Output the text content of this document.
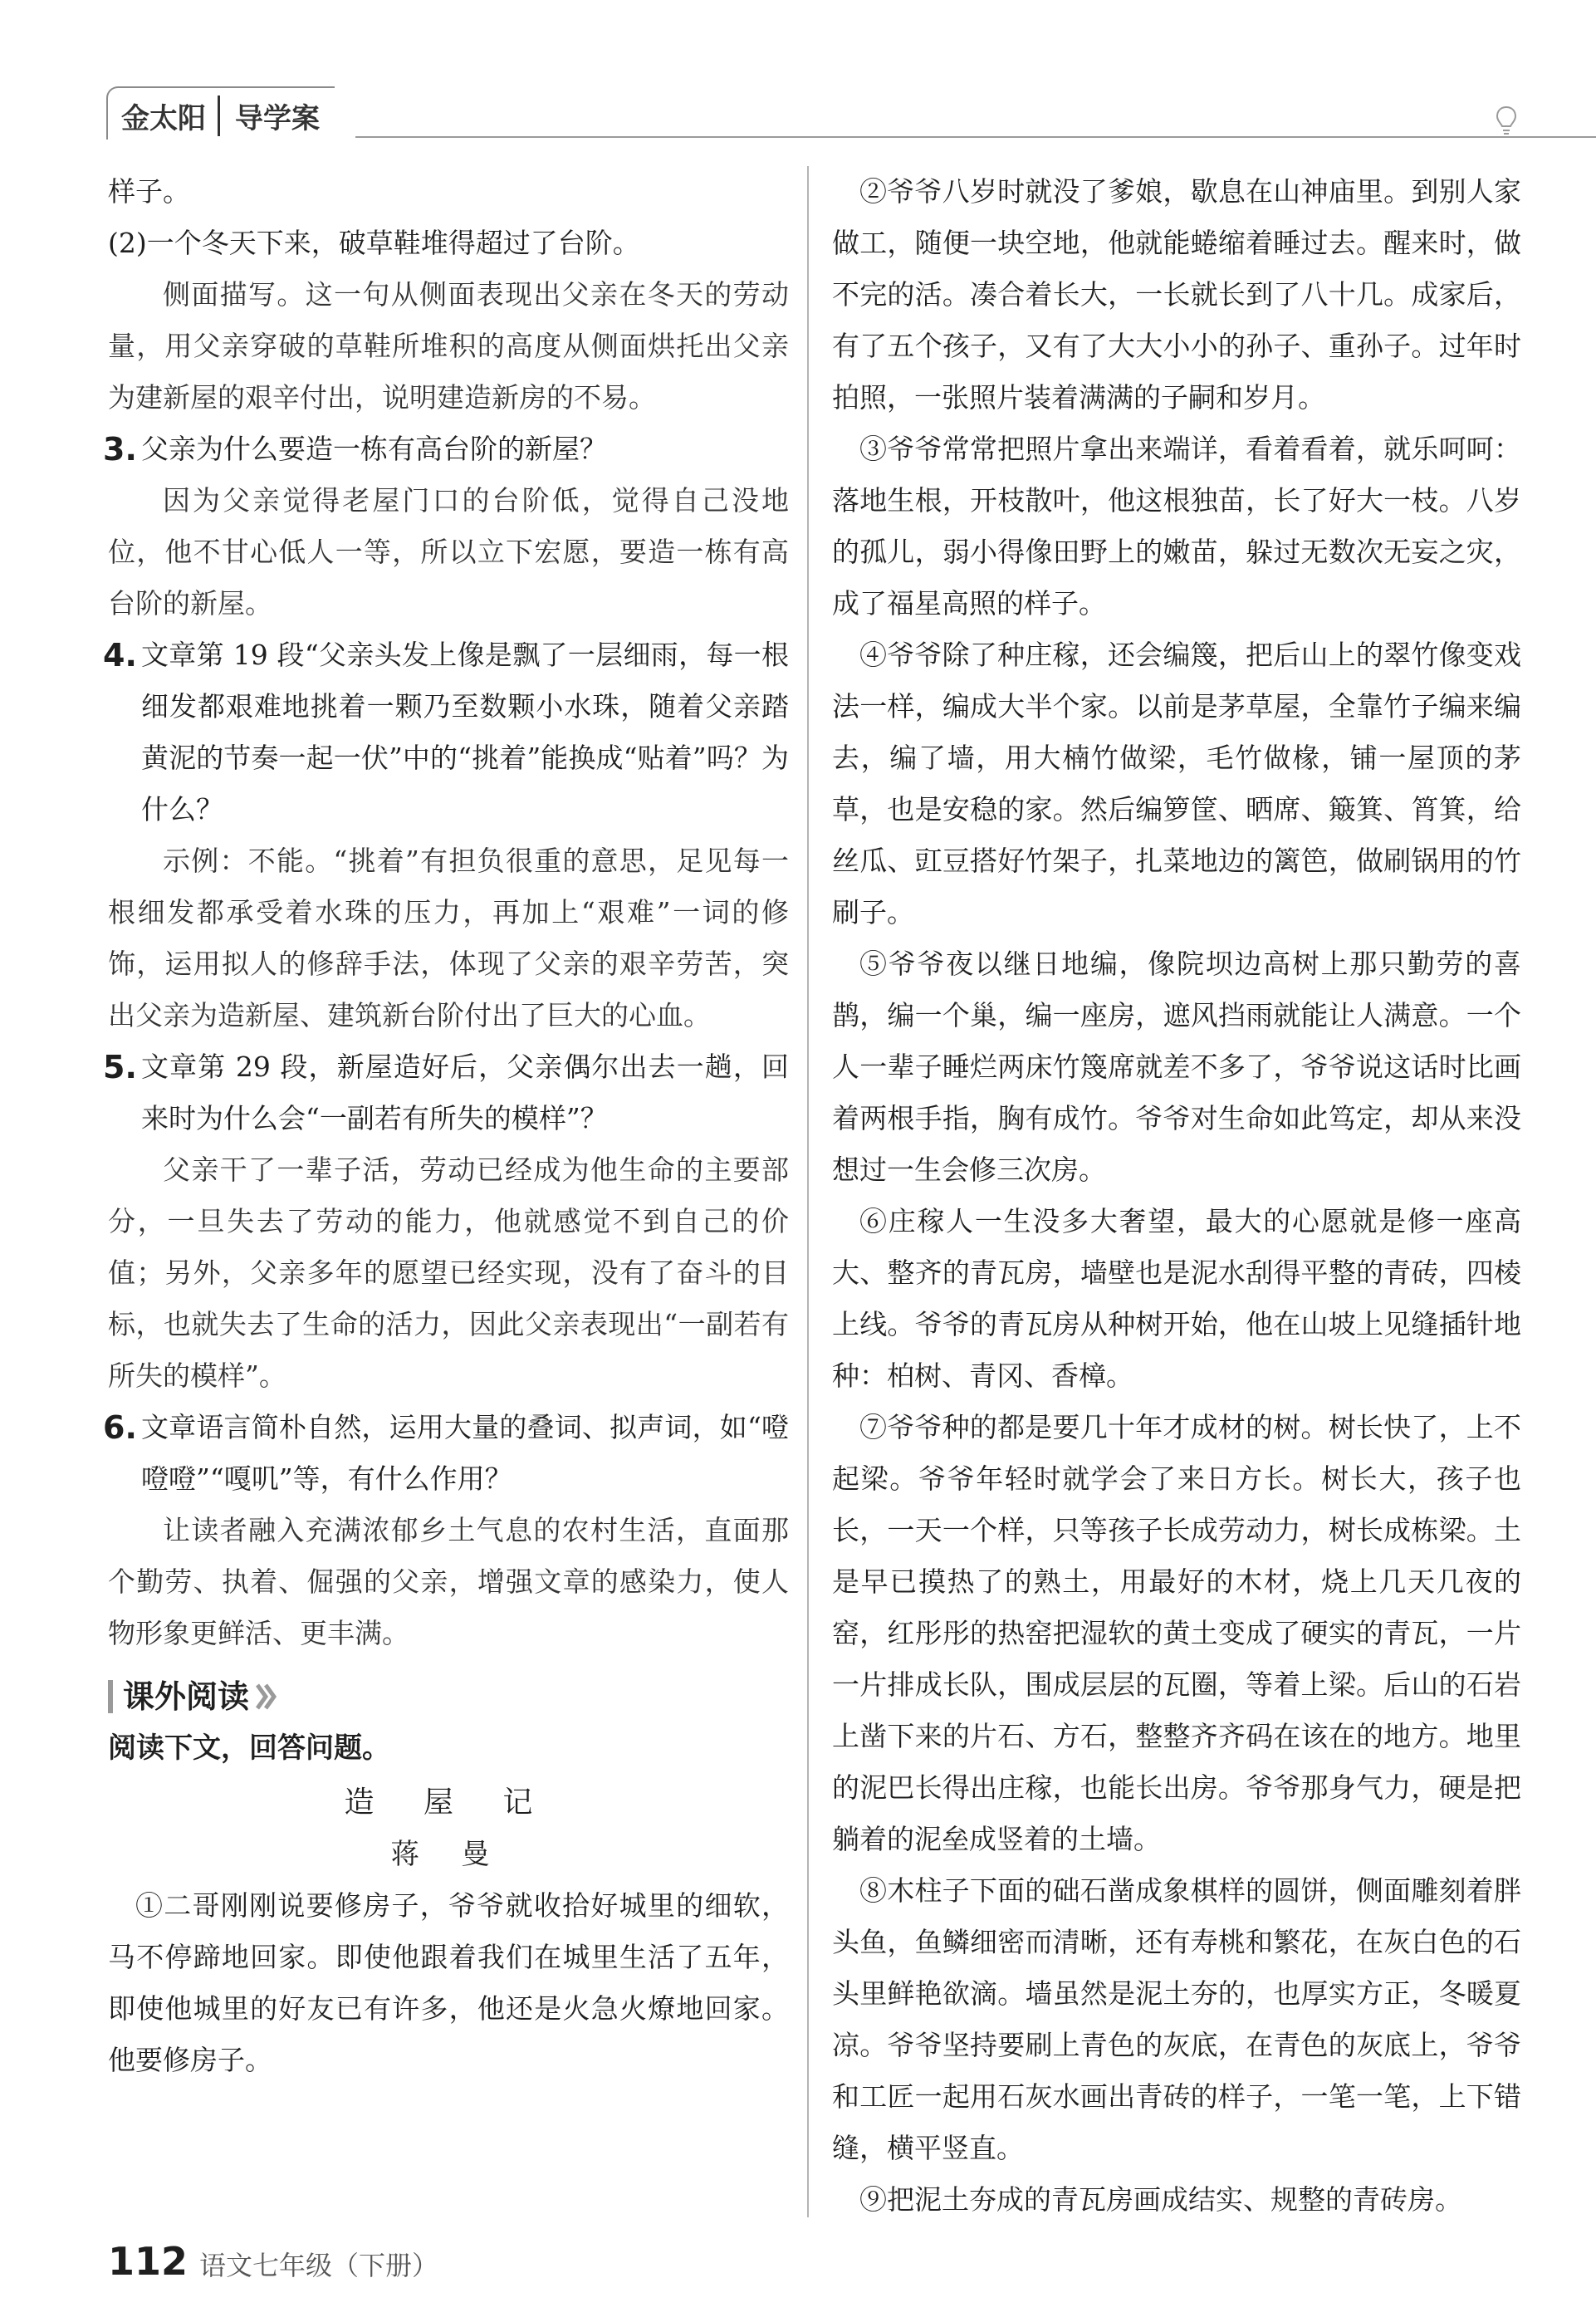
金太阳	导学案

样子。

(2)一个冬天下来，破草鞋堆得超过了台阶。

侧面描写。这一句从侧面表现出父亲在冬天的劳动量，用父亲穿破的草鞋所堆积的高度从侧面烘托出父亲为建新屋的艰辛付出，说明建造新房的不易。

3. 父亲为什么要造一栋有高台阶的新屋？

因为父亲觉得老屋门口的台阶低，觉得自己没地位，他不甘心低人一等，所以立下宏愿，要造一栋有高台阶的新屋。

4. 文章第 19 段“父亲头发上像是飘了一层细雨，每一根细发都艰难地挑着一颗乃至数颗小水珠，随着父亲踏黄泥的节奏一起一伏”中的“挑着”能换成“贴着”吗？为什么？

示例：不能。“挑着”有担负很重的意思，足见每一根细发都承受着水珠的压力，再加上“艰难”一词的修饰，运用拟人的修辞手法，体现了父亲的艰辛劳苦，突出父亲为造新屋、建筑新台阶付出了巨大的心血。

5. 文章第 29 段，新屋造好后，父亲偶尔出去一趟，回来时为什么会“一副若有所失的模样”？

父亲干了一辈子活，劳动已经成为他生命的主要部分，一旦失去了劳动的能力，他就感觉不到自己的价值；另外，父亲多年的愿望已经实现，没有了奋斗的目标，也就失去了生命的活力，因此父亲表现出“一副若有所失的模样”。

6. 文章语言简朴自然，运用大量的叠词、拟声词，如“噔噔噔”“嘎叽”等，有什么作用？

让读者融入充满浓郁乡土气息的农村生活，直面那个勤劳、执着、倔强的父亲，增强文章的感染力，使人物形象更鲜活、更丰满。

课外阅读

阅读下文，回答问题。

造 屋 记

蒋 曼

①二哥刚刚说要修房子，爷爷就收拾好城里的细软，马不停蹄地回家。即使他跟着我们在城里生活了五年，即使他城里的好友已有许多，他还是火急火燎地回家。他要修房子。

②爷爷八岁时就没了爹娘，歇息在山神庙里。到别人家做工，随便一块空地，他就能蜷缩着睡过去。醒来时，做不完的活。凑合着长大，一长就长到了八十几。成家后，有了五个孩子，又有了大大小小的孙子、重孙子。过年时拍照，一张照片装着满满的子嗣和岁月。

③爷爷常常把照片拿出来端详，看着看着，就乐呵呵：落地生根，开枝散叶，他这根独苗，长了好大一枝。八岁的孤儿，弱小得像田野上的嫩苗，躲过无数次无妄之灾，成了福星高照的样子。

④爷爷除了种庄稼，还会编篾，把后山上的翠竹像变戏法一样，编成大半个家。以前是茅草屋，全靠竹子编来编去，编了墙，用大楠竹做梁，毛竹做椽，铺一屋顶的茅草，也是安稳的家。然后编箩筐、晒席、簸箕、筲箕，给丝瓜、豇豆搭好竹架子，扎菜地边的篱笆，做刷锅用的竹刷子。

⑤爷爷夜以继日地编，像院坝边高树上那只勤劳的喜鹊，编一个巢，编一座房，遮风挡雨就能让人满意。一个人一辈子睡烂两床竹篾席就差不多了，爷爷说这话时比画着两根手指，胸有成竹。爷爷对生命如此笃定，却从来没想过一生会修三次房。

⑥庄稼人一生没多大奢望，最大的心愿就是修一座高大、整齐的青瓦房，墙壁也是泥水刮得平整的青砖，四棱上线。爷爷的青瓦房从种树开始，他在山坡上见缝插针地种：柏树、青冈、香樟。

⑦爷爷种的都是要几十年才成材的树。树长快了，上不起梁。爷爷年轻时就学会了来日方长。树长大，孩子也长，一天一个样，只等孩子长成劳动力，树长成栋梁。土是早已摸热了的熟土，用最好的木材，烧上几天几夜的窑，红彤彤的热窑把湿软的黄土变成了硬实的青瓦，一片一片排成长队，围成层层的瓦圈，等着上梁。后山的石岩上凿下来的片石、方石，整整齐齐码在该在的地方。地里的泥巴长得出庄稼，也能长出房。爷爷那身气力，硬是把躺着的泥垒成竖着的土墙。

⑧木柱子下面的础石凿成象棋样的圆饼，侧面雕刻着胖头鱼，鱼鳞细密而清晰，还有寿桃和繁花，在灰白色的石头里鲜艳欲滴。墙虽然是泥土夯的，也厚实方正，冬暖夏凉。爷爷坚持要刷上青色的灰底，在青色的灰底上，爷爷和工匠一起用石灰水画出青砖的样子，一笔一笔，上下错缝，横平竖直。

⑨把泥土夯成的青瓦房画成结实、规整的青砖房。

112 语文七年级（下册）
